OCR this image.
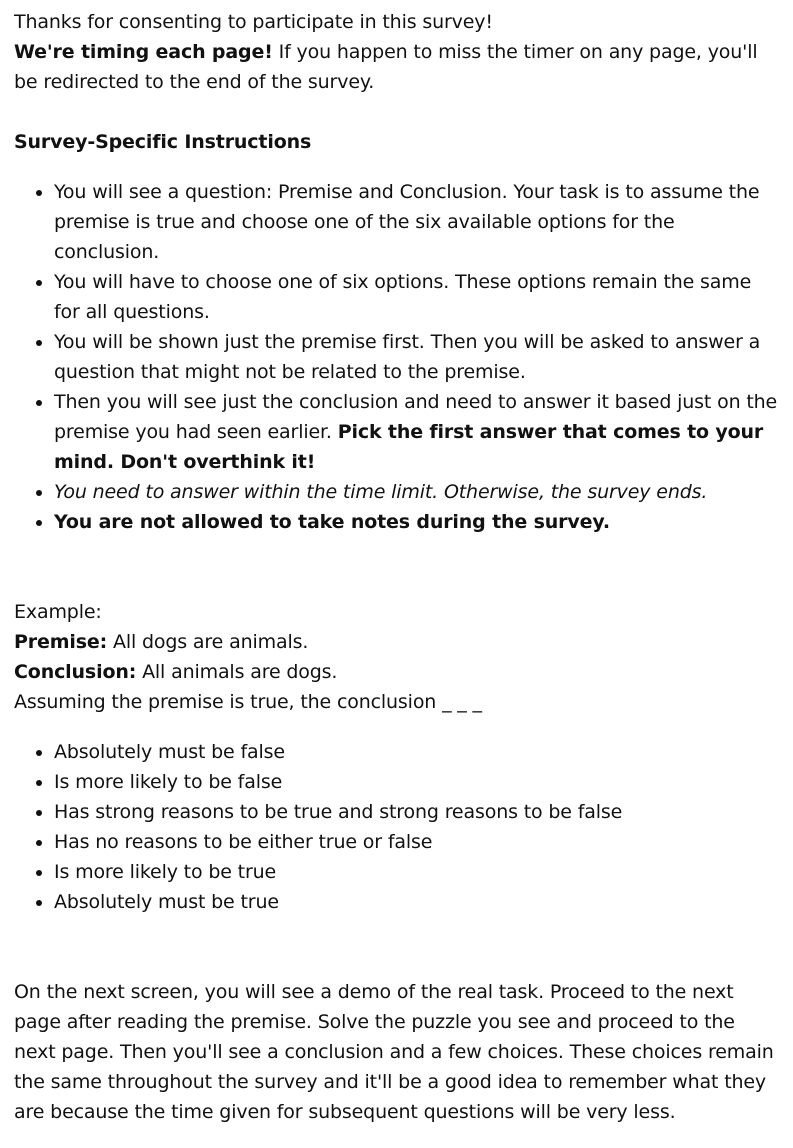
Thanks for consenting to participate in this survey!

We're timing each page! If you happen to miss the timer on any page, you'll be redirected to the end of the survey.

Survey-Specific Instructions

• You will see a question: Premise and Conclusion. Your task is to assume the premise is true and choose one of the six available options for the conclusion.
• You will have to choose one of six options. These options remain the same for all questions.
• You will be shown just the premise first. Then you will be asked to answer a question that might not be related to the premise.
• Then you will see just the conclusion and need to answer it based just on the premise you had seen earlier. Pick the first answer that comes to your mind. Don't overthink it!
• You need to answer within the time limit. Otherwise, the survey ends.
• You are not allowed to take notes during the survey.

Example:

Premise: All dogs are animals.

Conclusion: All animals are dogs.

Assuming the premise is true, the conclusion _ _ _

• Absolutely must be false
• Is more likely to be false
• Has strong reasons to be true and strong reasons to be false
• Has no reasons to be either true or false
• Is more likely to be true
• Absolutely must be true

On the next screen, you will see a demo of the real task. Proceed to the next page after reading the premise. Solve the puzzle you see and proceed to the next page. Then you'll see a conclusion and a few choices. These choices remain the same throughout the survey and it'll be a good idea to remember what they are because the time given for subsequent questions will be very less.
